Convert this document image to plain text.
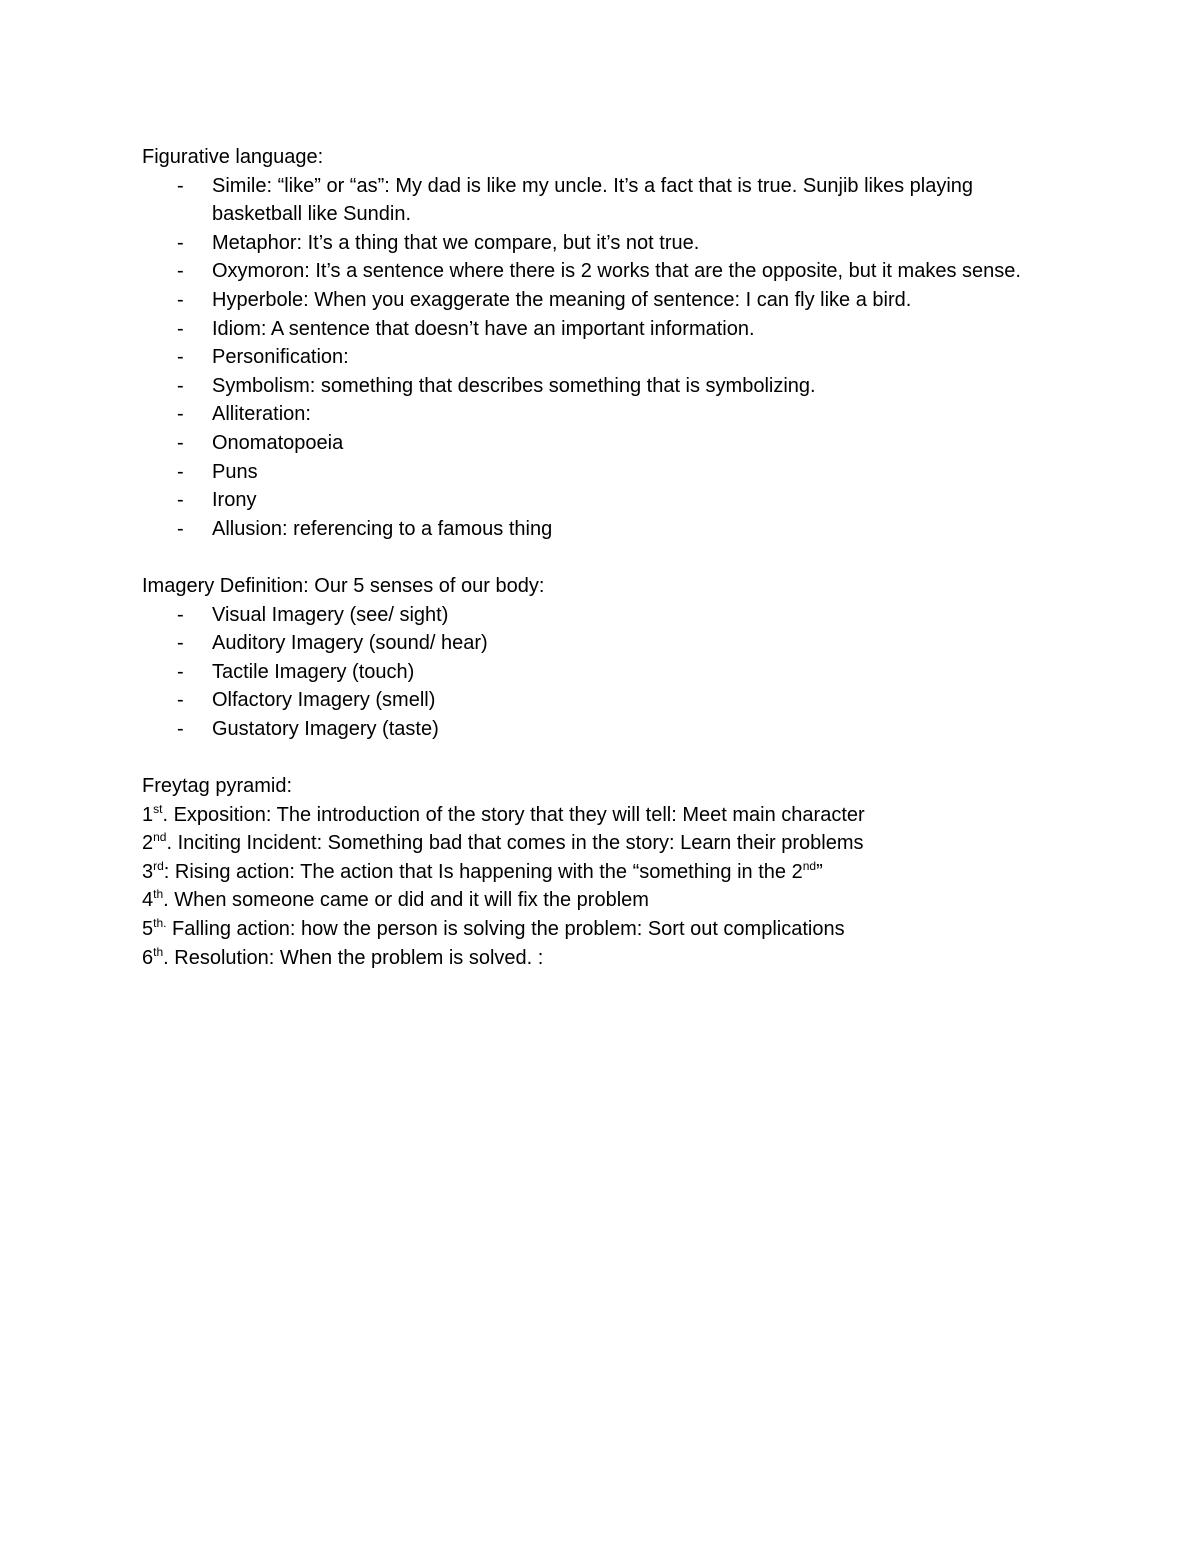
Figurative language:

- Simile: “like” or “as”: My dad is like my uncle. It’s a fact that is true. Sunjib likes playing basketball like Sundin.
- Metaphor: It’s a thing that we compare, but it’s not true.
- Oxymoron: It’s a sentence where there is 2 works that are the opposite, but it makes sense.
- Hyperbole: When you exaggerate the meaning of sentence: I can fly like a bird.
- Idiom: A sentence that doesn’t have an important information.
- Personification:
- Symbolism: something that describes something that is symbolizing.
- Alliteration:
- Onomatopoeia
- Puns
- Irony
- Allusion: referencing to a famous thing

Imagery Definition: Our 5 senses of our body:

- Visual Imagery (see/ sight)
- Auditory Imagery (sound/ hear)
- Tactile Imagery (touch)
- Olfactory Imagery (smell)
- Gustatory Imagery (taste)

Freytag pyramid:

1st. Exposition: The introduction of the story that they will tell: Meet main character

2nd. Inciting Incident: Something bad that comes in the story: Learn their problems

3rd: Rising action: The action that Is happening with the “something in the 2nd”

4th. When someone came or did and it will fix the problem

$5^{th.}$ Falling action: how the person is solving the problem: Sort out complications

6th. Resolution: When the problem is solved. :
